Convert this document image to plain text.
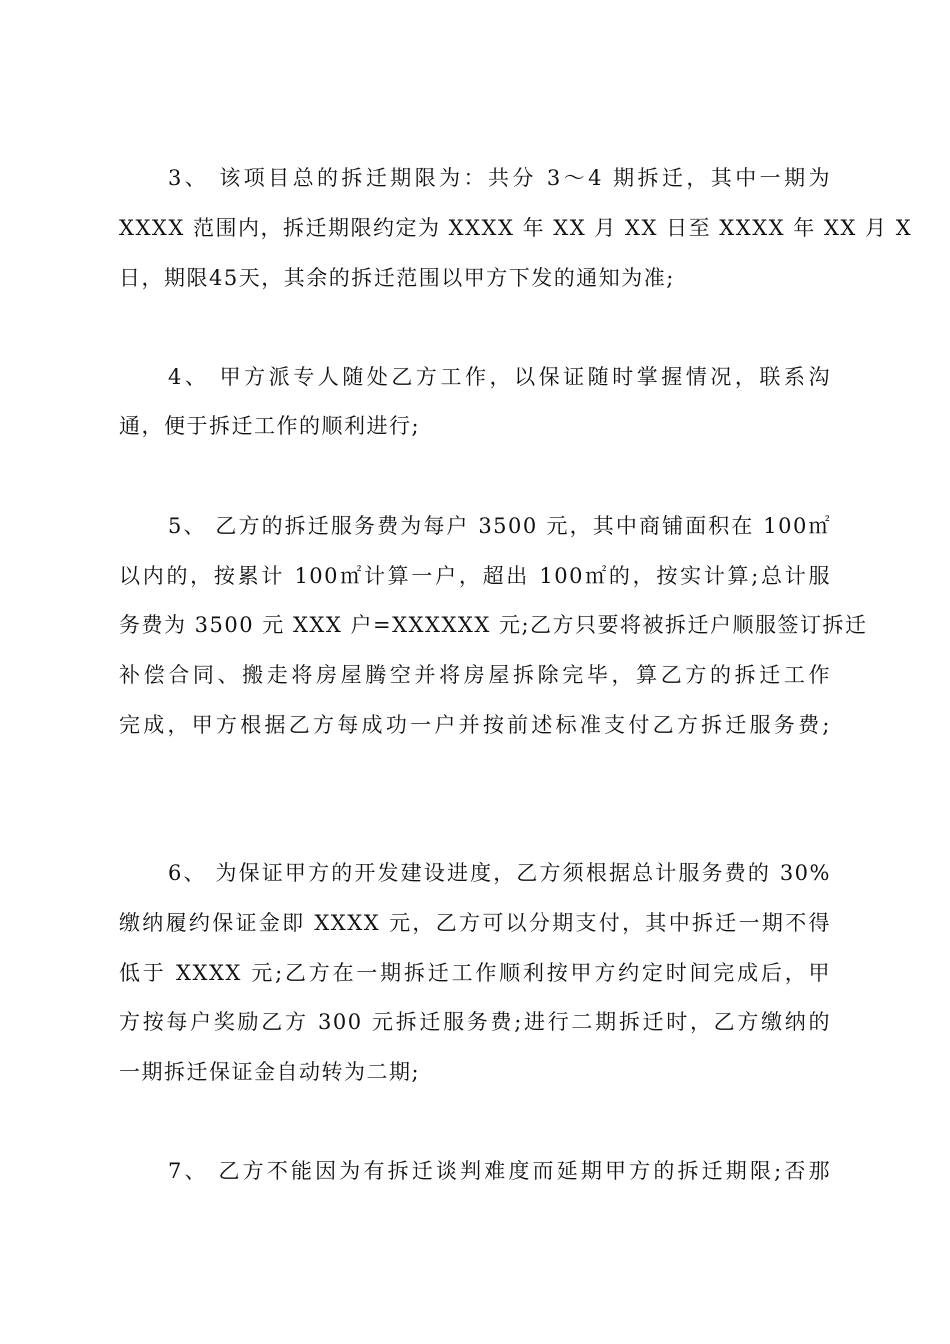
3、 该项目总的拆迁期限为：共分 3～4 期拆迁，其中一期为
XXXX 范围内，拆迁期限约定为 XXXX 年 XX 月 XX 日至 XXXX 年 XX 月 X
日，期限45天，其余的拆迁范围以甲方下发的通知为准;
4、 甲方派专人随处乙方工作，以保证随时掌握情况，联系沟
通，便于拆迁工作的顺利进行;
5、 乙方的拆迁服务费为每户 3500 元，其中商铺面积在 100㎡
以内的，按累计 100㎡计算一户，超出 100㎡的，按实计算;总计服
务费为 3500 元 XXX 户=XXXXXX 元;乙方只要将被拆迁户顺服签订拆迁
补偿合同、搬走将房屋腾空并将房屋拆除完毕，算乙方的拆迁工作
完成，甲方根据乙方每成功一户并按前述标准支付乙方拆迁服务费;
6、 为保证甲方的开发建设进度，乙方须根据总计服务费的 30%
缴纳履约保证金即 XXXX 元，乙方可以分期支付，其中拆迁一期不得
低于 XXXX 元;乙方在一期拆迁工作顺利按甲方约定时间完成后，甲
方按每户奖励乙方 300 元拆迁服务费;进行二期拆迁时，乙方缴纳的
一期拆迁保证金自动转为二期;
7、 乙方不能因为有拆迁谈判难度而延期甲方的拆迁期限;否那
